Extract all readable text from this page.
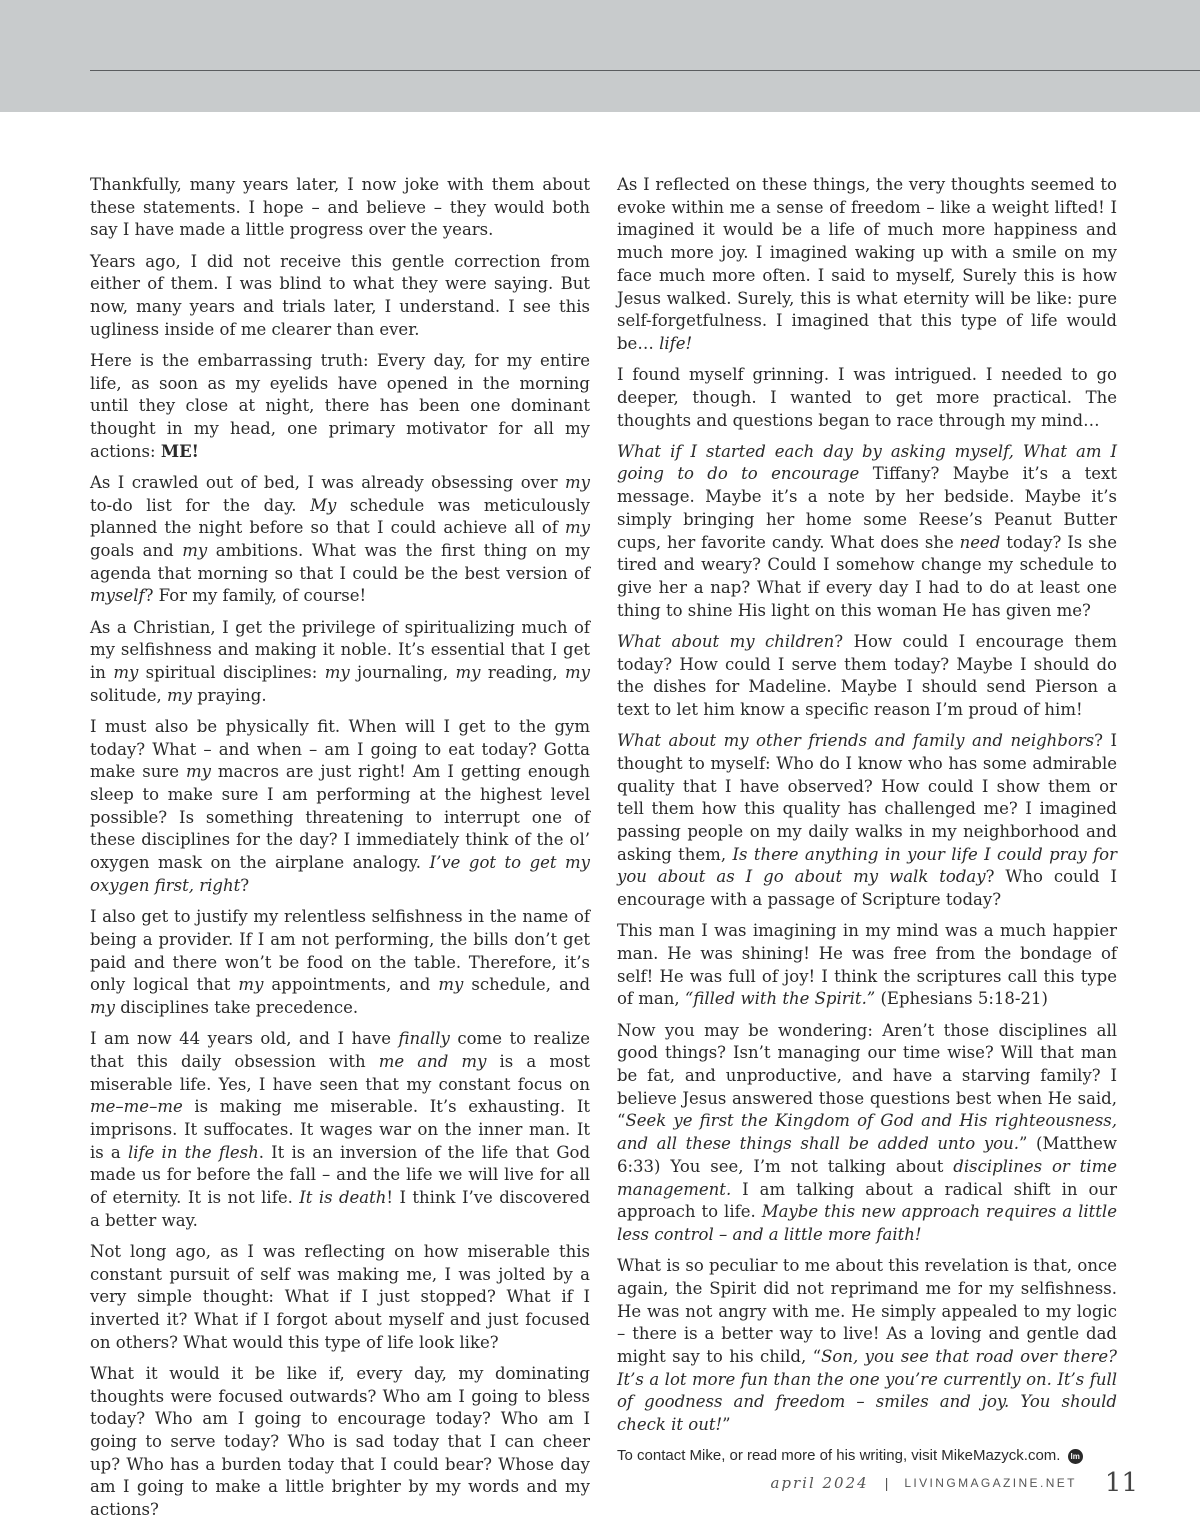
Thankfully, many years later, I now joke with them about these statements. I hope – and believe – they would both say I have made a little progress over the years.

Years ago, I did not receive this gentle correction from either of them. I was blind to what they were saying. But now, many years and trials later, I understand. I see this ugliness inside of me clearer than ever.

Here is the embarrassing truth: Every day, for my entire life, as soon as my eyelids have opened in the morning until they close at night, there has been one dominant thought in my head, one primary motivator for all my actions: ME!

As I crawled out of bed, I was already obsessing over my to-do list for the day. My schedule was meticulously planned the night before so that I could achieve all of my goals and my ambitions. What was the first thing on my agenda that morning so that I could be the best version of myself? For my family, of course!

As a Christian, I get the privilege of spiritualizing much of my selfishness and making it noble. It’s essential that I get in my spiritual disciplines: my journaling, my reading, my solitude, my praying.

I must also be physically fit. When will I get to the gym today? What – and when – am I going to eat today? Gotta make sure my macros are just right! Am I getting enough sleep to make sure I am performing at the highest level possible? Is something threatening to interrupt one of these disciplines for the day? I immediately think of the ol’ oxygen mask on the airplane analogy. I’ve got to get my oxygen first, right?

I also get to justify my relentless selfishness in the name of being a provider. If I am not performing, the bills don’t get paid and there won’t be food on the table. Therefore, it’s only logical that my appointments, and my schedule, and my disciplines take precedence.

I am now 44 years old, and I have finally come to realize that this daily obsession with me and my is a most miserable life. Yes, I have seen that my constant focus on me–me–me is making me miserable. It’s exhausting. It imprisons. It suffocates. It wages war on the inner man. It is a life in the flesh. It is an inversion of the life that God made us for before the fall – and the life we will live for all of eternity. It is not life. It is death! I think I’ve discovered a better way.

Not long ago, as I was reflecting on how miserable this constant pursuit of self was making me, I was jolted by a very simple thought: What if I just stopped? What if I inverted it? What if I forgot about myself and just focused on others? What would this type of life look like?

What it would it be like if, every day, my dominating thoughts were focused outwards? Who am I going to bless today? Who am I going to encourage today? Who am I going to serve today? Who is sad today that I can cheer up? Who has a burden today that I could bear? Whose day am I going to make a little brighter by my words and my actions?

As I reflected on these things, the very thoughts seemed to evoke within me a sense of freedom – like a weight lifted! I imagined it would be a life of much more happiness and much more joy. I imagined waking up with a smile on my face much more often. I said to myself, Surely this is how Jesus walked. Surely, this is what eternity will be like: pure self-forgetfulness. I imagined that this type of life would be… life!

I found myself grinning. I was intrigued. I needed to go deeper, though. I wanted to get more practical. The thoughts and questions began to race through my mind…

What if I started each day by asking myself, What am I going to do to encourage Tiffany? Maybe it’s a text message. Maybe it’s a note by her bedside. Maybe it’s simply bringing her home some Reese’s Peanut Butter cups, her favorite candy. What does she need today? Is she tired and weary? Could I somehow change my schedule to give her a nap? What if every day I had to do at least one thing to shine His light on this woman He has given me?

What about my children? How could I encourage them today? How could I serve them today? Maybe I should do the dishes for Madeline. Maybe I should send Pierson a text to let him know a specific reason I’m proud of him!

What about my other friends and family and neighbors? I thought to myself: Who do I know who has some admirable quality that I have observed? How could I show them or tell them how this quality has challenged me? I imagined passing people on my daily walks in my neighborhood and asking them, Is there anything in your life I could pray for you about as I go about my walk today? Who could I encourage with a passage of Scripture today?

This man I was imagining in my mind was a much happier man. He was shining! He was free from the bondage of self! He was full of joy! I think the scriptures call this type of man, “filled with the Spirit.” (Ephesians 5:18-21)

Now you may be wondering: Aren’t those disciplines all good things? Isn’t managing our time wise? Will that man be fat, and unproductive, and have a starving family? I believe Jesus answered those questions best when He said, “Seek ye first the Kingdom of God and His righteousness, and all these things shall be added unto you.” (Matthew 6:33) You see, I’m not talking about disciplines or time management. I am talking about a radical shift in our approach to life. Maybe this new approach requires a little less control – and a little more faith!

What is so peculiar to me about this revelation is that, once again, the Spirit did not reprimand me for my selfishness. He was not angry with me. He simply appealed to my logic – there is a better way to live! As a loving and gentle dad might say to his child, “Son, you see that road over there? It’s a lot more fun than the one you’re currently on. It’s full of goodness and freedom – smiles and joy. You should check it out!”

To contact Mike, or read more of his writing, visit MikeMazyck.com. lm
april 2024 | LIVINGMAGAZINE.NET 11
